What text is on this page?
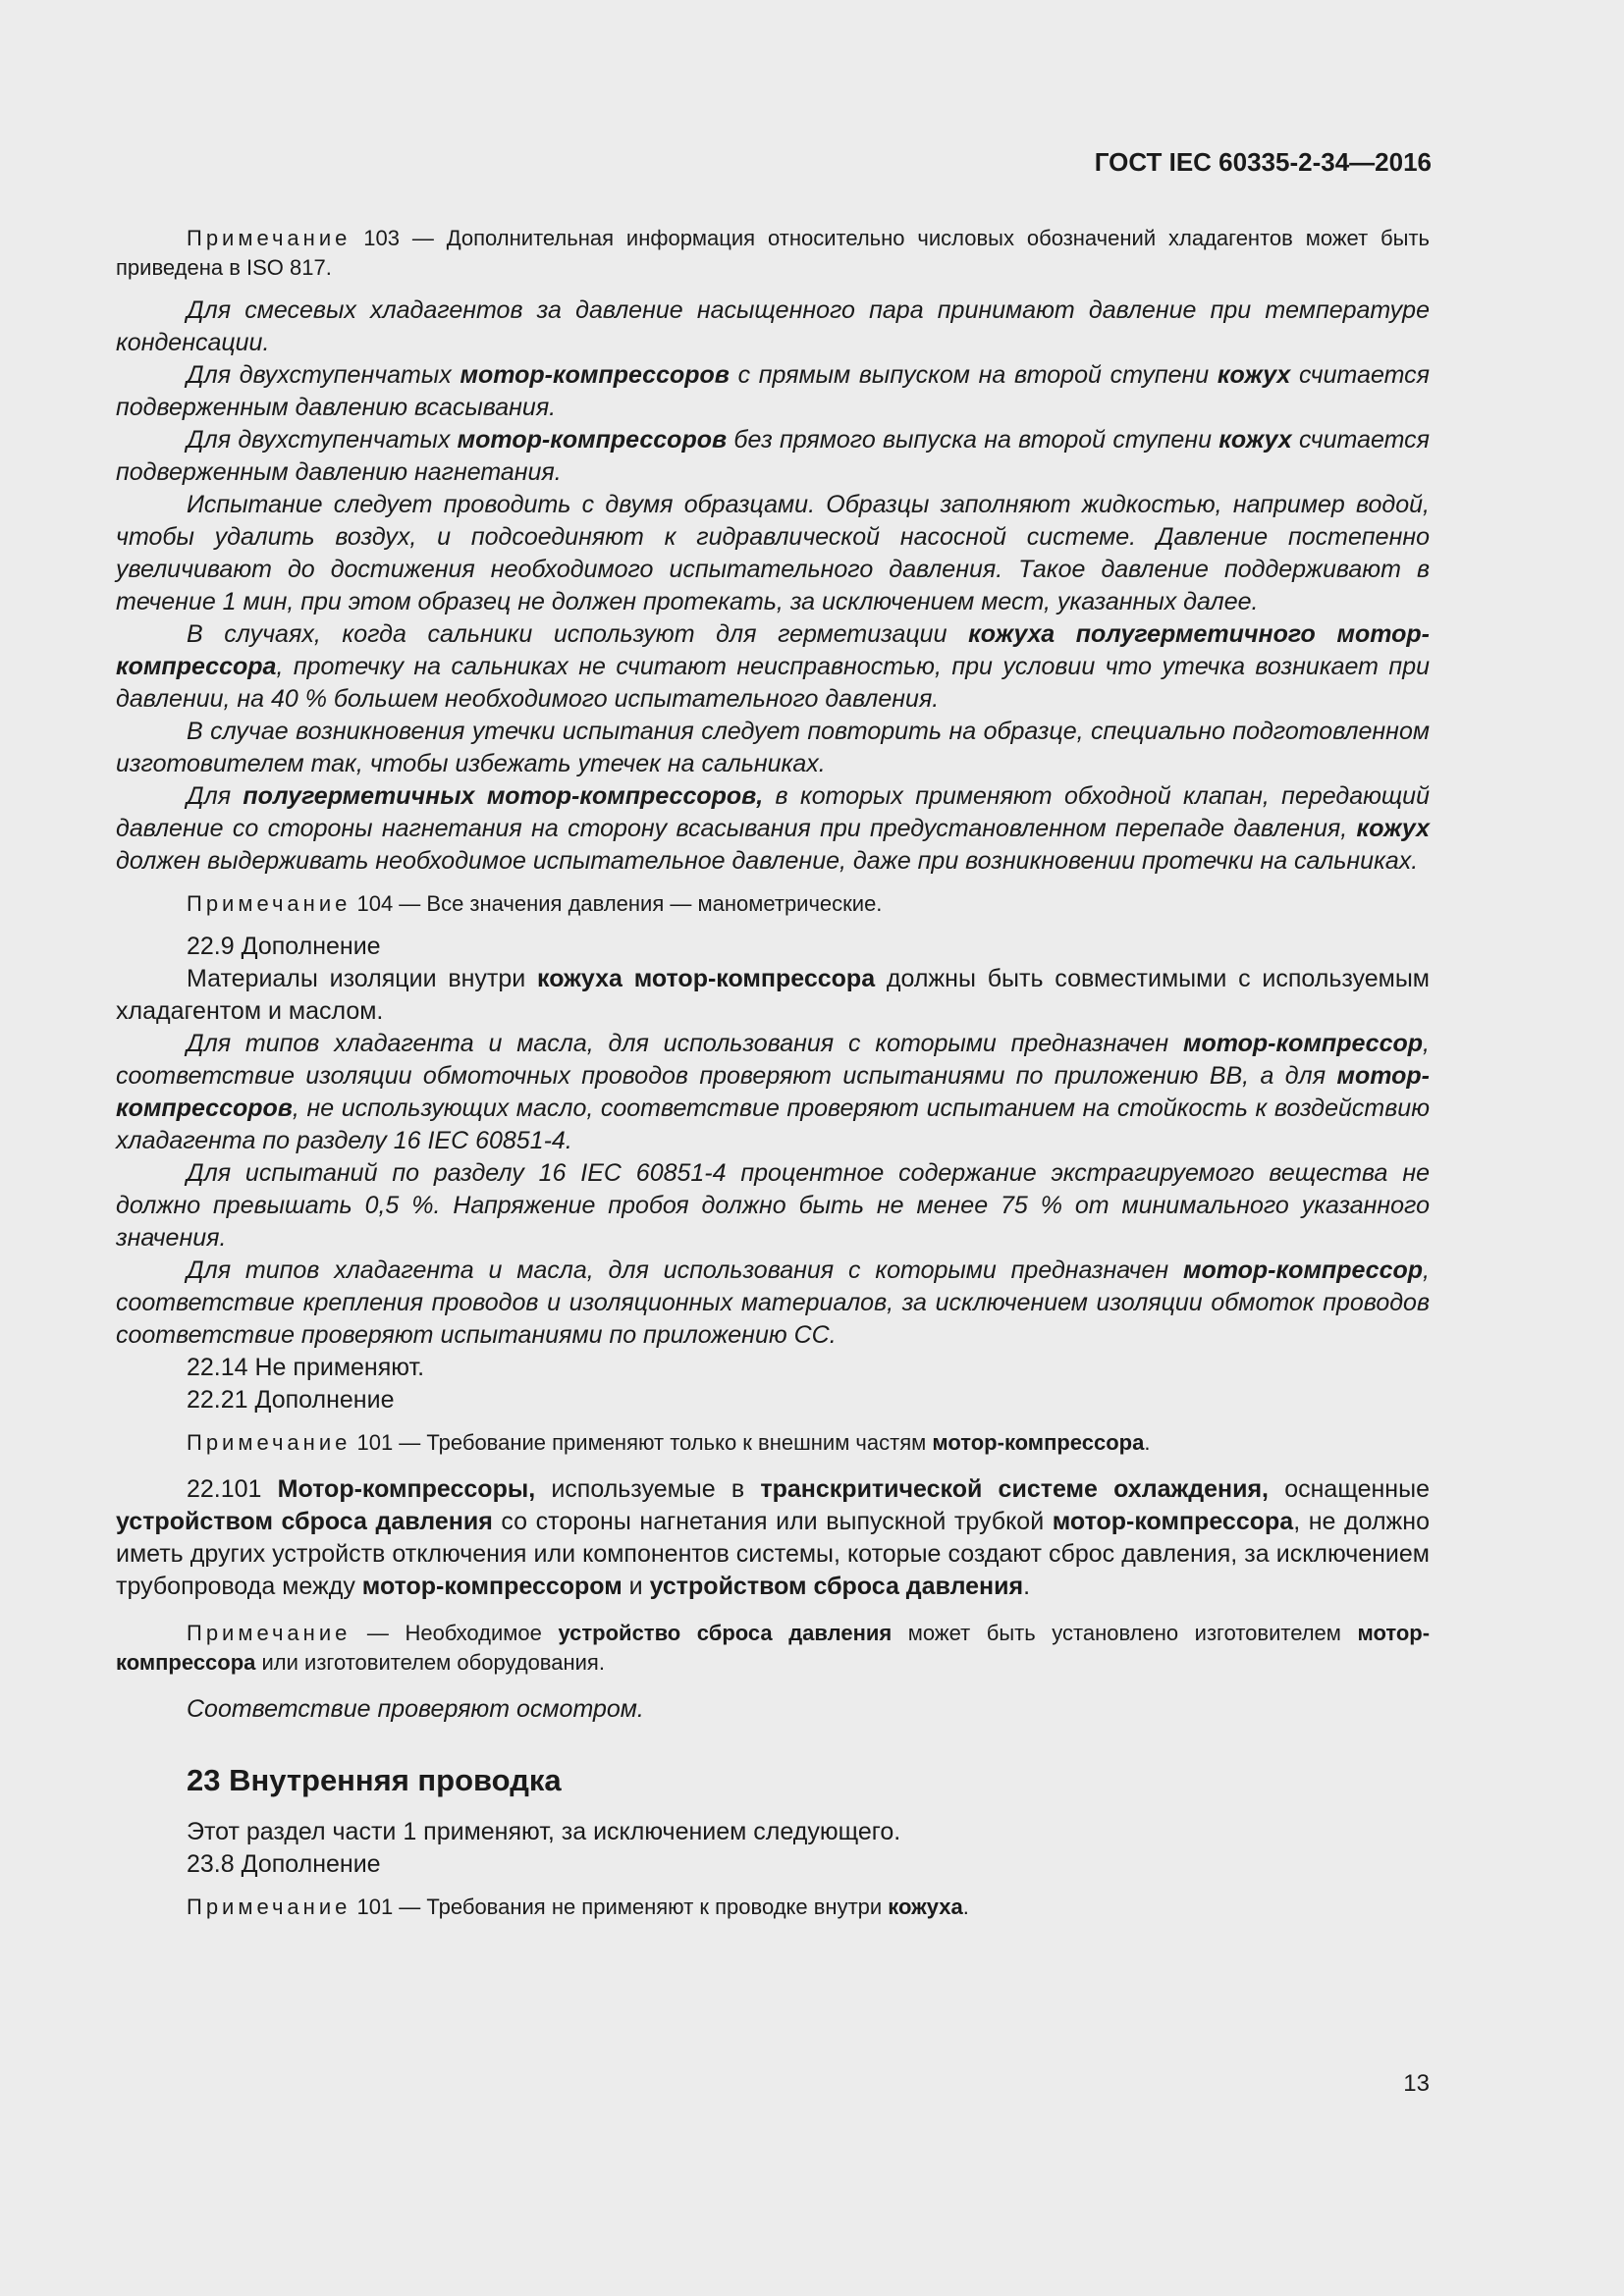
ГОСТ IEC 60335-2-34—2016

Примечание 103 — Дополнительная информация относительно числовых обозначений хладагентов может быть приведена в ISO 817.

Для смесевых хладагентов за давление насыщенного пара принимают давление при температуре конденсации.

Для двухступенчатых мотор-компрессоров с прямым выпуском на второй ступени кожух считается подверженным давлению всасывания.

Для двухступенчатых мотор-компрессоров без прямого выпуска на второй ступени кожух считается подверженным давлению нагнетания.

Испытание следует проводить с двумя образцами. Образцы заполняют жидкостью, например водой, чтобы удалить воздух, и подсоединяют к гидравлической насосной системе. Давление постепенно увеличивают до достижения необходимого испытательного давления. Такое давление поддерживают в течение 1 мин, при этом образец не должен протекать, за исключением мест, указанных далее.

В случаях, когда сальники используют для герметизации кожуха полугерметичного мотор-компрессора, протечку на сальниках не считают неисправностью, при условии что утечка возникает при давлении, на 40 % большем необходимого испытательного давления.

В случае возникновения утечки испытания следует повторить на образце, специально подготовленном изготовителем так, чтобы избежать утечек на сальниках.

Для полугерметичных мотор-компрессоров, в которых применяют обходной клапан, передающий давление со стороны нагнетания на сторону всасывания при предустановленном перепаде давления, кожух должен выдерживать необходимое испытательное давление, даже при возникновении протечки на сальниках.

Примечание 104 — Все значения давления — манометрические.

22.9 Дополнение

Материалы изоляции внутри кожуха мотор-компрессора должны быть совместимыми с используемым хладагентом и маслом.

Для типов хладагента и масла, для использования с которыми предназначен мотор-компрессор, соответствие изоляции обмоточных проводов проверяют испытаниями по приложению ВВ, а для мотор-компрессоров, не использующих масло, соответствие проверяют испытанием на стойкость к воздействию хладагента по разделу 16 IEC 60851-4.

Для испытаний по разделу 16 IEC 60851-4 процентное содержание экстрагируемого вещества не должно превышать 0,5 %. Напряжение пробоя должно быть не менее 75 % от минимального указанного значения.

Для типов хладагента и масла, для использования с которыми предназначен мотор-компрессор, соответствие крепления проводов и изоляционных материалов, за исключением изоляции обмоток проводов соответствие проверяют испытаниями по приложению СС.

22.14 Не применяют.

22.21 Дополнение

Примечание 101 — Требование применяют только к внешним частям мотор-компрессора.

22.101 Мотор-компрессоры, используемые в транскритической системе охлаждения, оснащенные устройством сброса давления со стороны нагнетания или выпускной трубкой мотор-компрессора, не должно иметь других устройств отключения или компонентов системы, которые создают сброс давления, за исключением трубопровода между мотор-компрессором и устройством сброса давления.

Примечание — Необходимое устройство сброса давления может быть установлено изготовителем мотор-компрессора или изготовителем оборудования.

Соответствие проверяют осмотром.

23 Внутренняя проводка

Этот раздел части 1 применяют, за исключением следующего.

23.8 Дополнение

Примечание 101 — Требования не применяют к проводке внутри кожуха.

13
